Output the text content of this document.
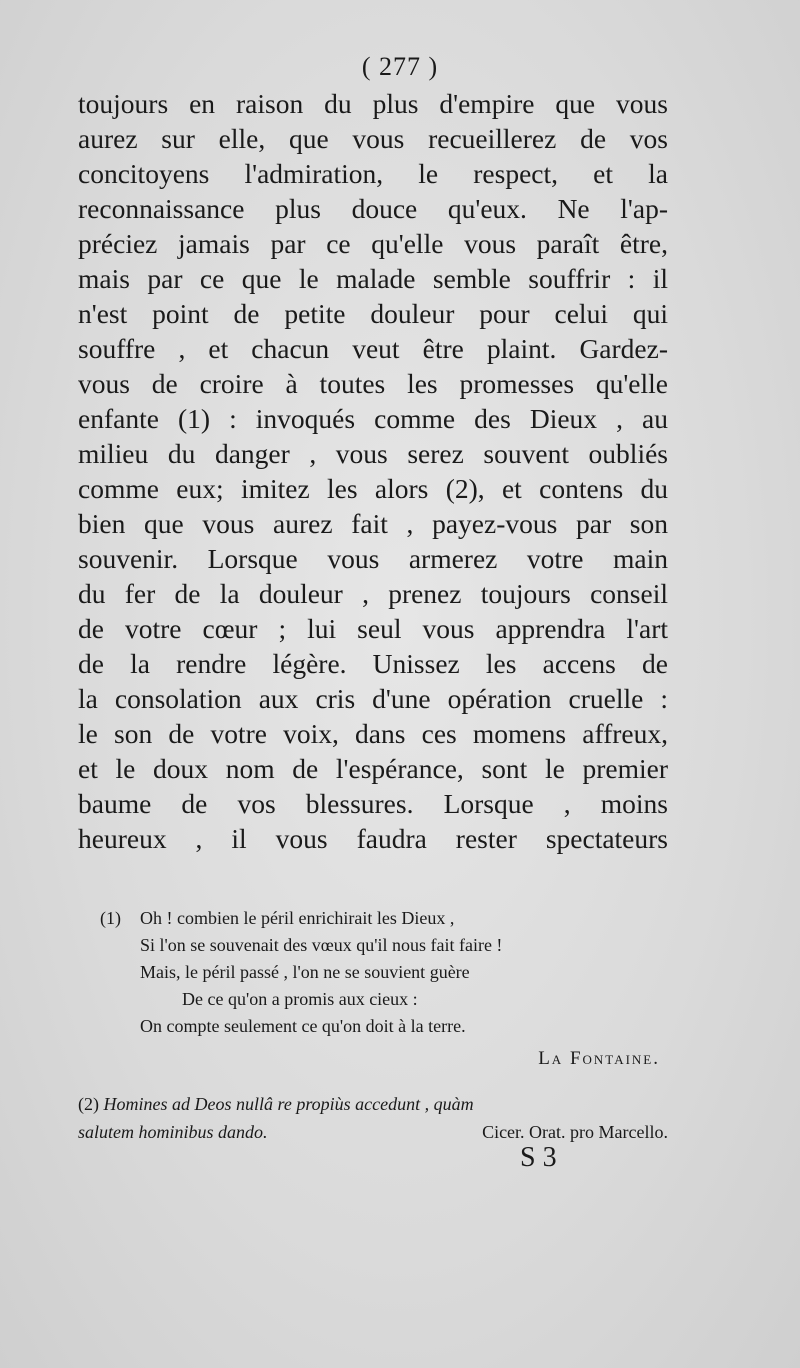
( 277 )
toujours en raison du plus d'empire que vous
aurez sur elle, que vous recueillerez de vos
concitoyens l'admiration, le respect, et la
reconnaissance plus douce qu'eux. Ne l'ap-
préciez jamais par ce qu'elle vous paraît être,
mais par ce que le malade semble souffrir : il
n'est point de petite douleur pour celui qui
souffre , et chacun veut être plaint. Gardez-
vous de croire à toutes les promesses qu'elle
enfante (1) : invoqués comme des Dieux , au
milieu du danger , vous serez souvent oubliés
comme eux; imitez les alors (2), et contens du
bien que vous aurez fait , payez-vous par son
souvenir. Lorsque vous armerez votre main
du fer de la douleur , prenez toujours conseil
de votre cœur ; lui seul vous apprendra l'art
de la rendre légère. Unissez les accens de
la consolation aux cris d'une opération cruelle :
le son de votre voix, dans ces momens affreux,
et le doux nom de l'espérance, sont le premier
baume de vos blessures. Lorsque , moins
heureux , il vous faudra rester spectateurs
(1) Oh ! combien le péril enrichirait les Dieux ,
Si l'on se souvenait des vœux qu'il nous fait faire !
Mais, le péril passé , l'on ne se souvient guère
De ce qu'on a promis aux cieux :
On compte seulement ce qu'on doit à la terre.
La Fontaine.
(2) Homines ad Deos nullâ re propiùs accedunt , quàm
salutem hominibus dando.	Cicer. Orat. pro Marcello.
S 3
